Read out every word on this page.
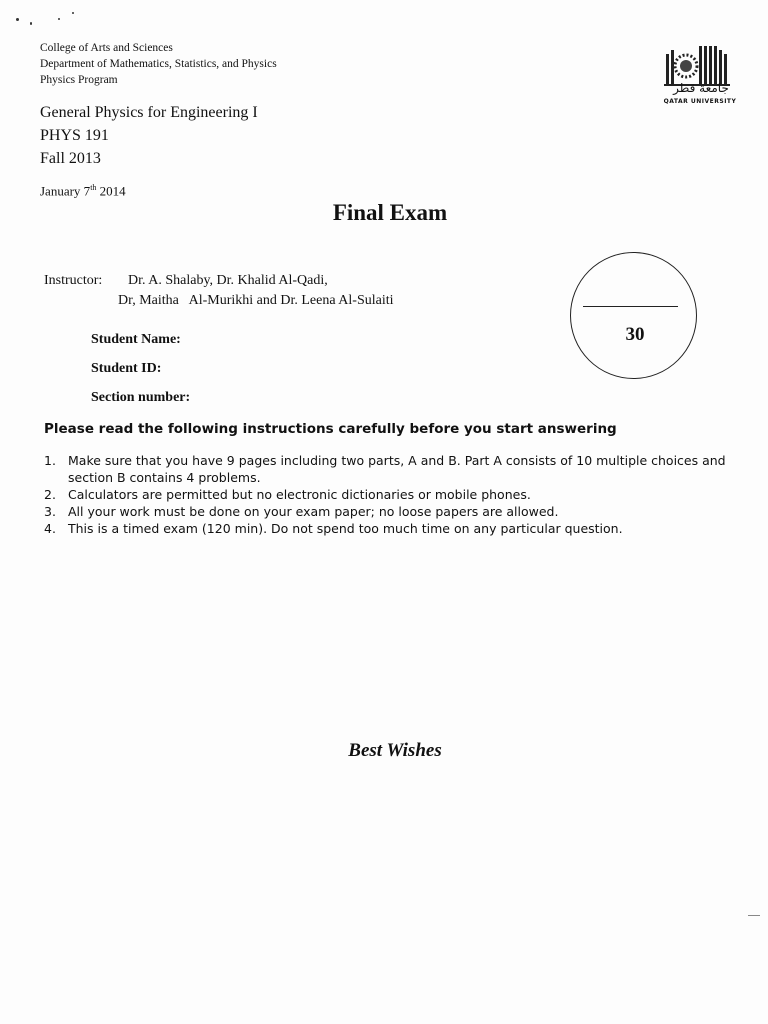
College of Arts and Sciences
Department of Mathematics, Statistics, and Physics
Physics Program
General Physics for Engineering I
PHYS 191
Fall 2013
January 7th 2014
جامعة قطر
QATAR UNIVERSITY
Final Exam
Instructor: Dr. A. Shalaby, Dr. Khalid Al-Qadi,
Dr, Maitha   Al-Murikhi and Dr. Leena Al-Sulaiti
30
Student Name:
Student ID:
Section number:
Please read the following instructions carefully before you start answering
1. Make sure that you have 9 pages including two parts, A and B. Part A consists of 10 multiple choices and section B contains 4 problems.
2. Calculators are permitted but no electronic dictionaries or mobile phones.
3. All your work must be done on your exam paper; no loose papers are allowed.
4. This is a timed exam (120 min). Do not spend too much time on any particular question.
Best Wishes
